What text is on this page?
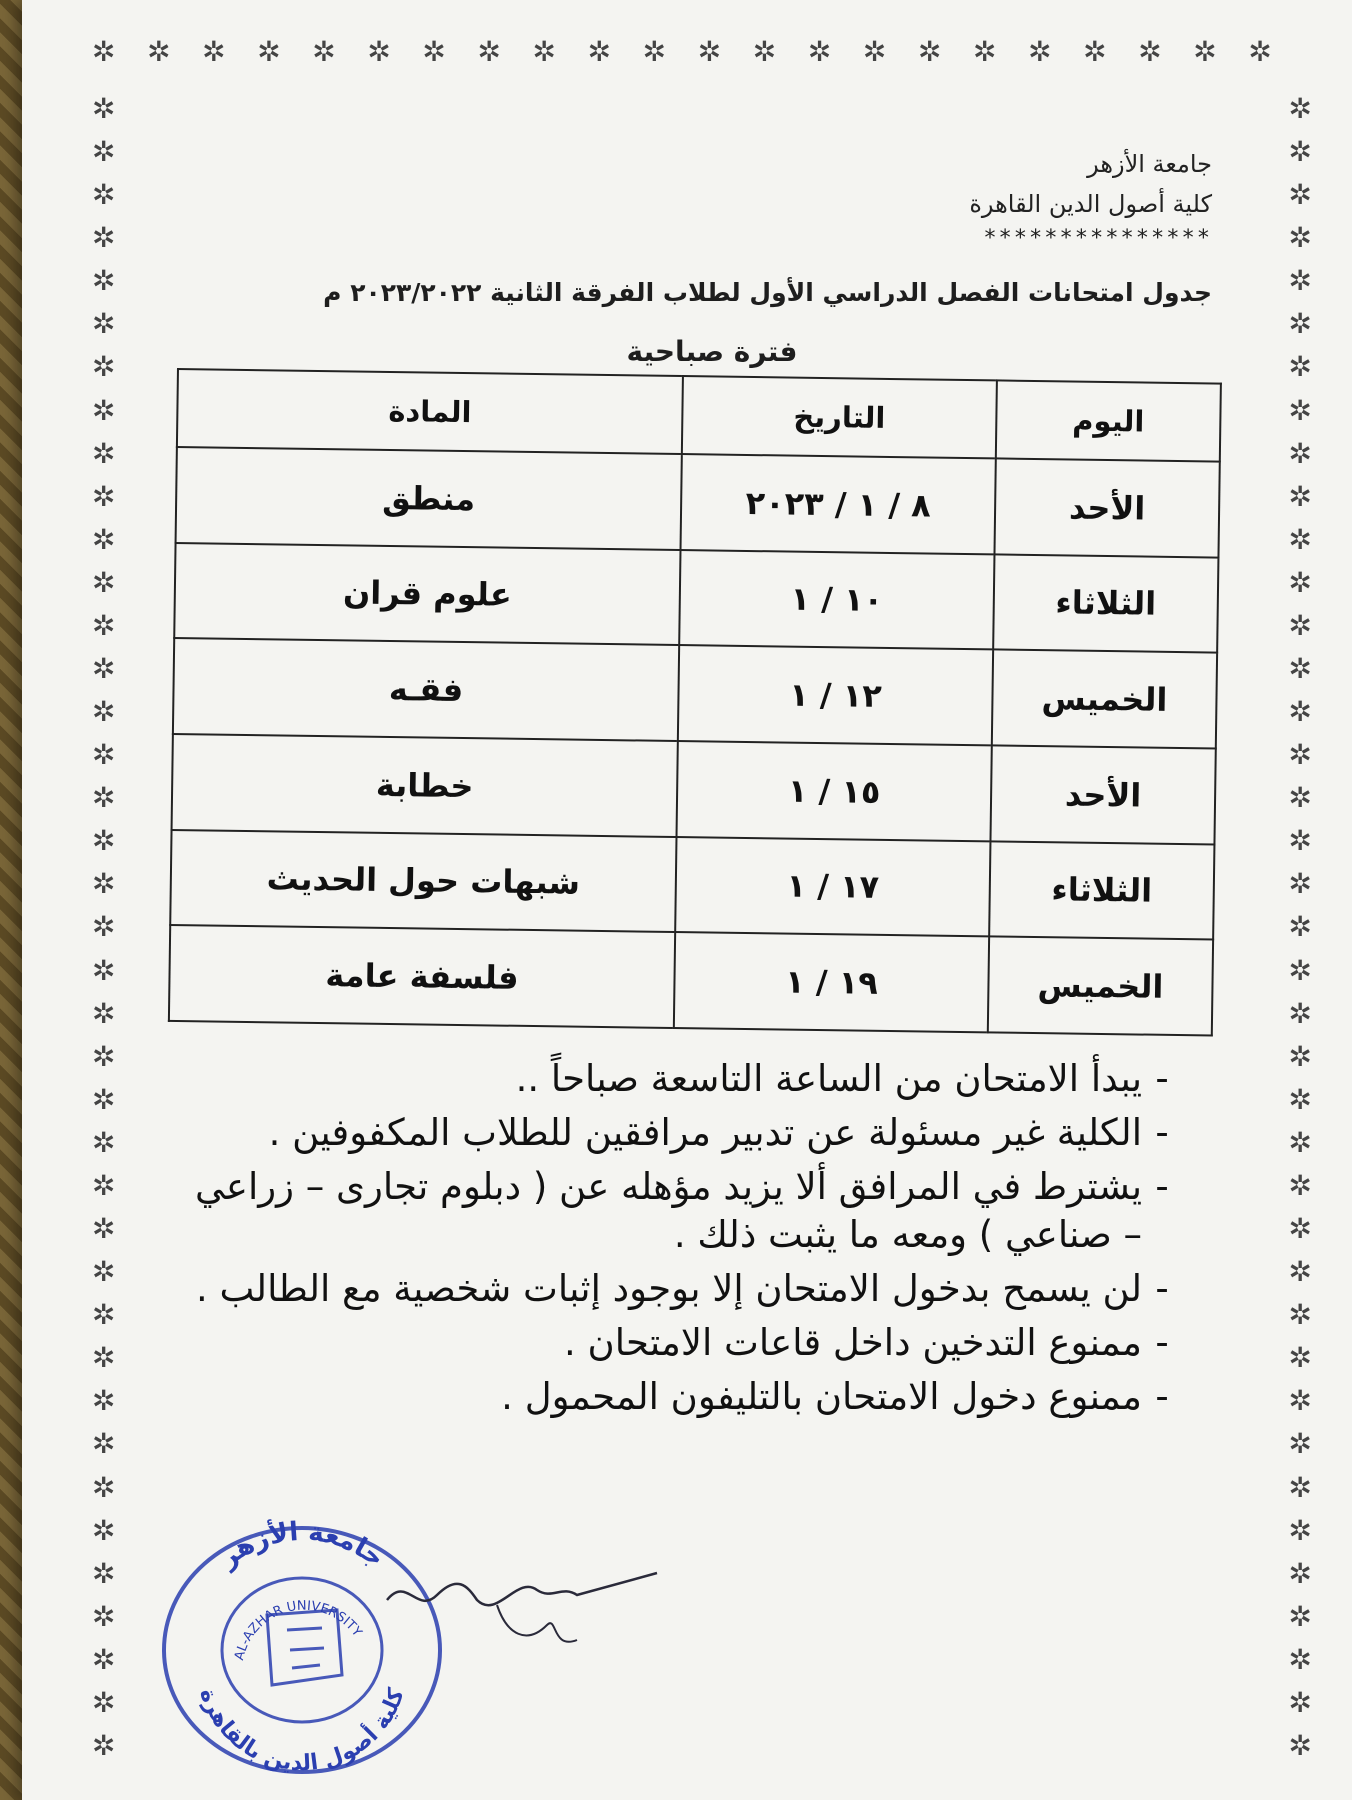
✲ ✲ ✲ ✲ ✲ ✲ ✲ ✲ ✲ ✲ ✲ ✲ ✲ ✲ ✲ ✲ ✲ ✲ ✲ ✲ ✲ ✲
✲
✲
✲
✲
✲
✲
✲
✲
✲
✲
✲
✲
✲
✲
✲
✲
✲
✲
✲
✲
✲
✲
✲
✲
✲
✲
✲
✲
✲
✲
✲
✲
✲
✲
✲
✲
✲
✲
✲
✲
✲
✲
✲
✲
✲
✲
✲
✲
✲
✲
✲
✲
✲
✲
✲
✲
✲
✲
✲
✲
✲
✲
✲
✲
✲
✲
✲
✲
✲
✲
✲
✲
✲
✲
✲
✲
✲
✲
جامعة الأزهر
كلية أصول الدين القاهرة
***************
جدول امتحانات الفصل الدراسي الأول لطلاب الفرقة الثانية ٢٠٢٣/٢٠٢٢ م
فترة صباحية
اليوم	التاريخ	المادة
الأحد	٨ / ١ / ٢٠٢٣	منطق
الثلاثاء	١٠ / ١	علوم قران
الخميس	١٢ / ١	فقـه
الأحد	١٥ / ١	خطابة
الثلاثاء	١٧ / ١	شبهات حول الحديث
الخميس	١٩ / ١	فلسفة عامة
-
يبدأ الامتحان من الساعة التاسعة صباحاً ..
-
الكلية غير مسئولة عن تدبير مرافقين للطلاب المكفوفين .
-
يشترط في المرافق ألا يزيد مؤهله عن ( دبلوم تجارى – زراعي – صناعي ) ومعه ما يثبت ذلك .
-
لن يسمح بدخول الامتحان إلا بوجود إثبات شخصية مع الطالب .
-
ممنوع التدخين داخل قاعات الامتحان .
-
ممنوع دخول الامتحان بالتليفون المحمول .
جامعة الأزهر
كلية أصول الدين بالقاهرة
AL-AZHAR UNIVERSITY
